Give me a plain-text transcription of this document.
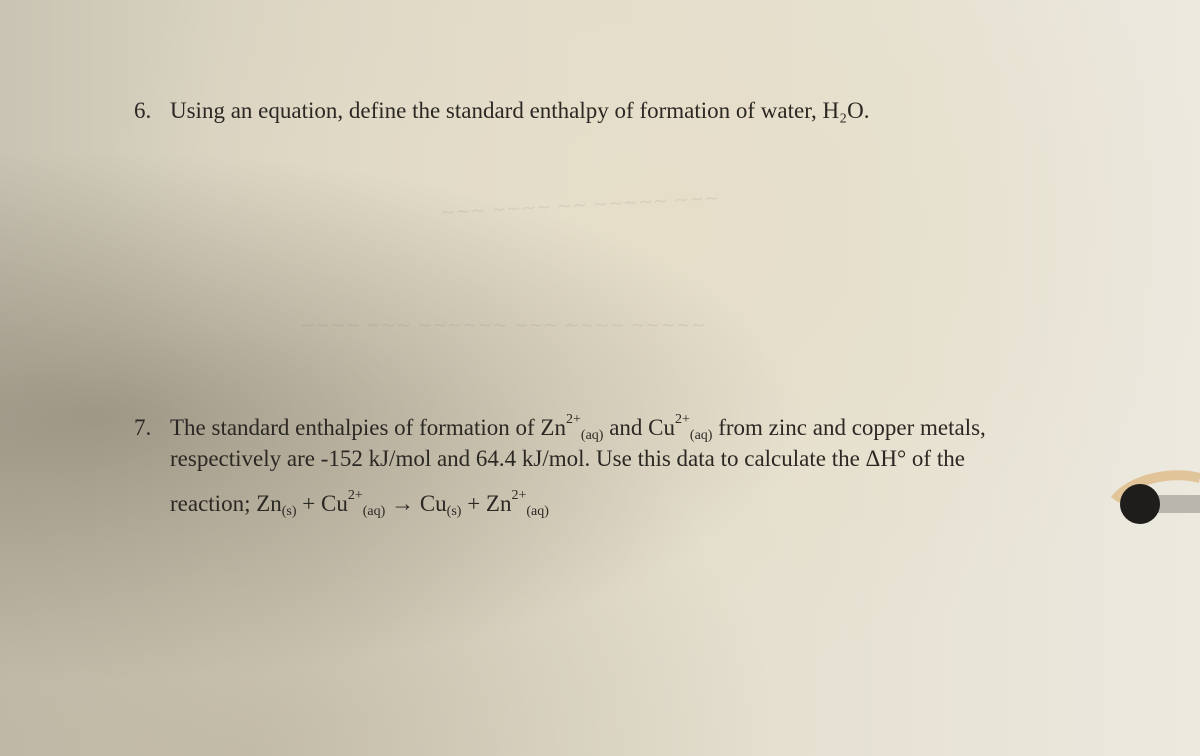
~~~ ~~~~ ~~ ~~~~~ ~~~
~~~~ ~~~ ~~~~~~ ~~~ ~~~~ ~~~~~
6. Using an equation, define the standard enthalpy of formation of water, H₂O.
7. The standard enthalpies of formation of $Zn^{2+}_{(aq)}$ and $Cu^{2+}_{(aq)}$ from zinc and copper metals,
respectively are -152 kJ/mol and 64.4 kJ/mol. Use this data to calculate the ΔH° of the
reaction; $Zn_{(s)} + Cu^{2+}_{(aq)} \to Cu_{(s)} + Zn^{2+}_{(aq)}$
